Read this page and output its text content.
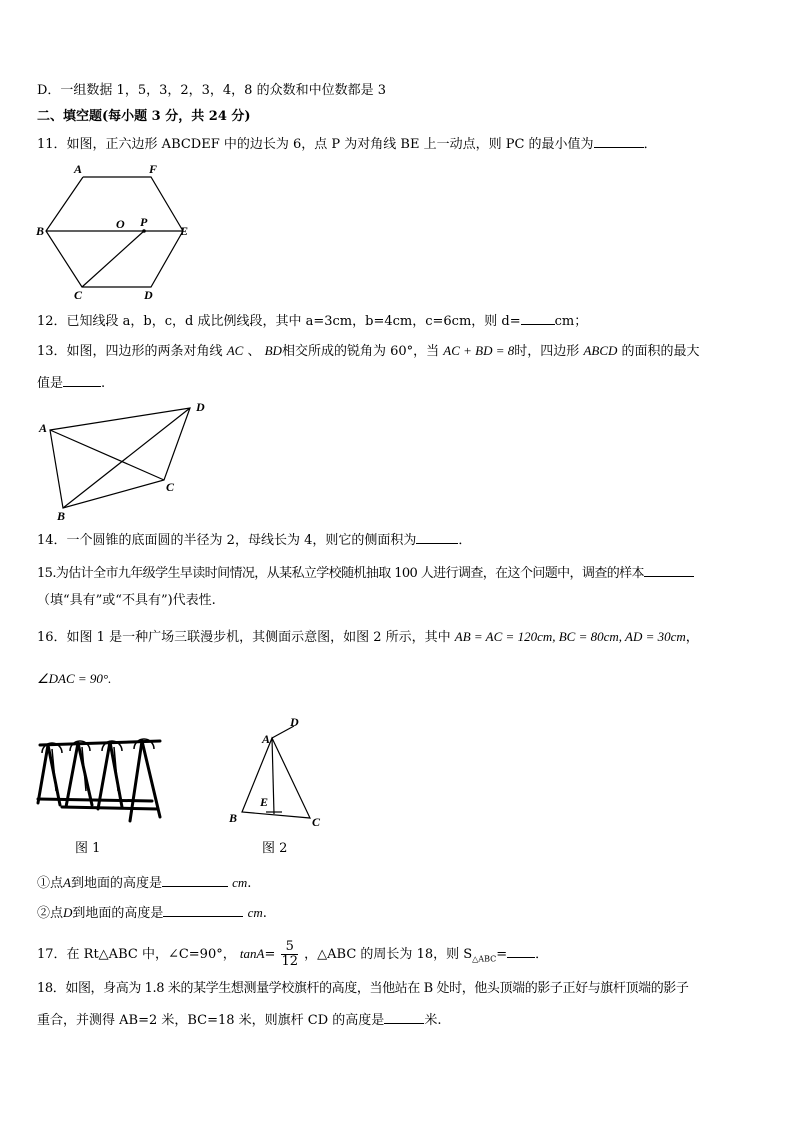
D．一组数据 1，5，3，2，3，4，8 的众数和中位数都是 3
二、填空题(每小题 3 分，共 24 分)
11．如图，正六边形 ABCDEF 中的边长为 6，点 P 为对角线 BE 上一动点，则 PC 的最小值为	．
A	F
B	O P
E
C	D
12．已知线段 a，b，c，d 成比例线段，其中 a=3cm，b=4cm，c=6cm，则 d=	cm；
13．如图，四边形的两条对角线 AC 、 BD相交所成的锐角为 60°，当 AC + BD = 8时，四边形 ABCD 的面积的最大
值是	.
A
D
B
C
14．一个圆锥的底面圆的半径为 2，母线长为 4，则它的侧面积为	．
15.为估计全市九年级学生早读时间情况，从某私立学校随机抽取 100 人进行调查，在这个问题中，调查的样本
（填“具有”或“不具有”)代表性.
16．如图 1 是一种广场三联漫步机，其侧面示意图，如图 2 所示，其中 AB = AC = 120cm, BC = 80cm, AD = 30cm，
∠DAC = 90°.
图 1
D
A
E
B	C
图 2
①点A到地面的高度是	cm.
②点D到地面的高度是	cm.
17．在 Rt△ABC 中，∠C=90°， $\tan A= \frac{5}{12}$ ，△ABC 的周长为 18，则 $S_{\triangle ABC}=$ ．
18．如图，身高为 1.8 米的某学生想测量学校旗杆的高度，当他站在 B 处时，他头顶端的影子正好与旗杆顶端的影子
重合，并测得 AB=2 米，BC=18 米，则旗杆 CD 的高度是	米.
